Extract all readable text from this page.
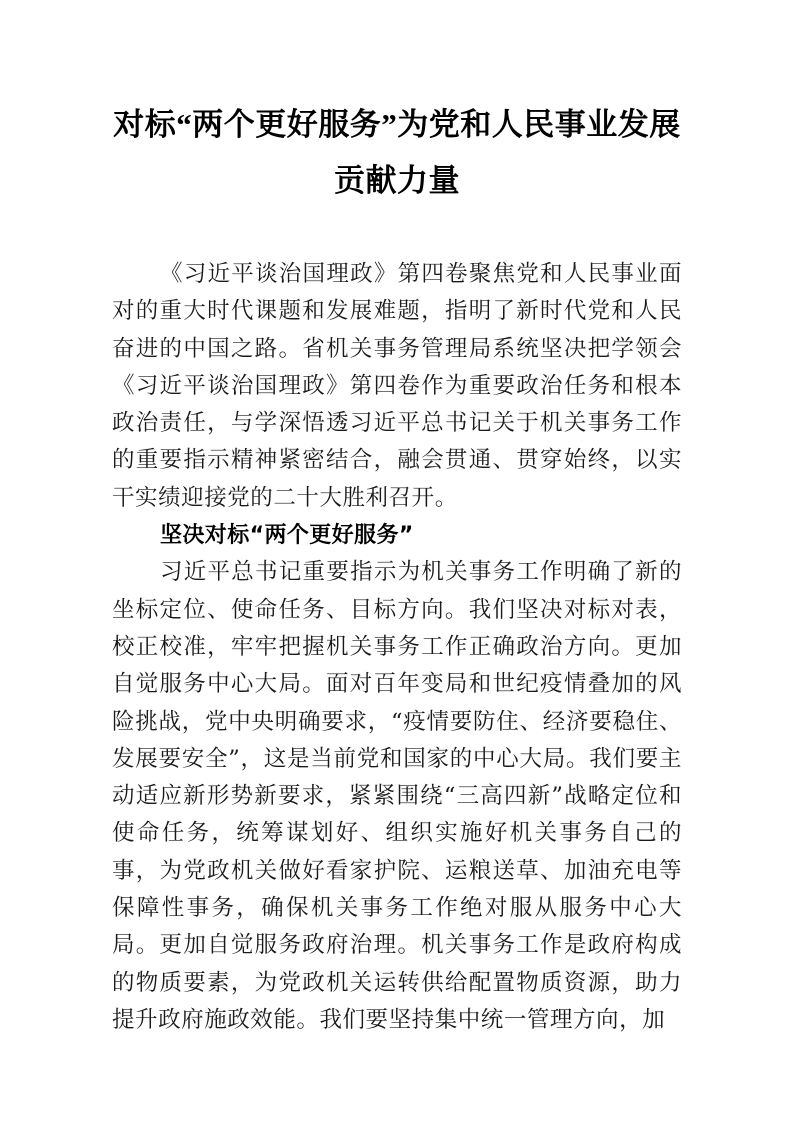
对标“两个更好服务”为党和人民事业发展
贡献力量

《习近平谈治国理政》第四卷聚焦党和人民事业面对的重大时代课题和发展难题，指明了新时代党和人民奋进的中国之路。省机关事务管理局系统坚决把学领会《习近平谈治国理政》第四卷作为重要政治任务和根本政治责任，与学深悟透习近平总书记关于机关事务工作的重要指示精神紧密结合，融会贯通、贯穿始终，以实干实绩迎接党的二十大胜利召开。

坚决对标“两个更好服务”

习近平总书记重要指示为机关事务工作明确了新的坐标定位、使命任务、目标方向。我们坚决对标对表，校正校准，牢牢把握机关事务工作正确政治方向。更加自觉服务中心大局。面对百年变局和世纪疫情叠加的风险挑战，党中央明确要求，“疫情要防住、经济要稳住、发展要安全”，这是当前党和国家的中心大局。我们要主动适应新形势新要求，紧紧围绕“三高四新”战略定位和使命任务，统筹谋划好、组织实施好机关事务自己的事，为党政机关做好看家护院、运粮送草、加油充电等保障性事务，确保机关事务工作绝对服从服务中心大局。更加自觉服务政府治理。机关事务工作是政府构成的物质要素，为党政机关运转供给配置物质资源，助力提升政府施政效能。我们要坚持集中统一管理方向，加
